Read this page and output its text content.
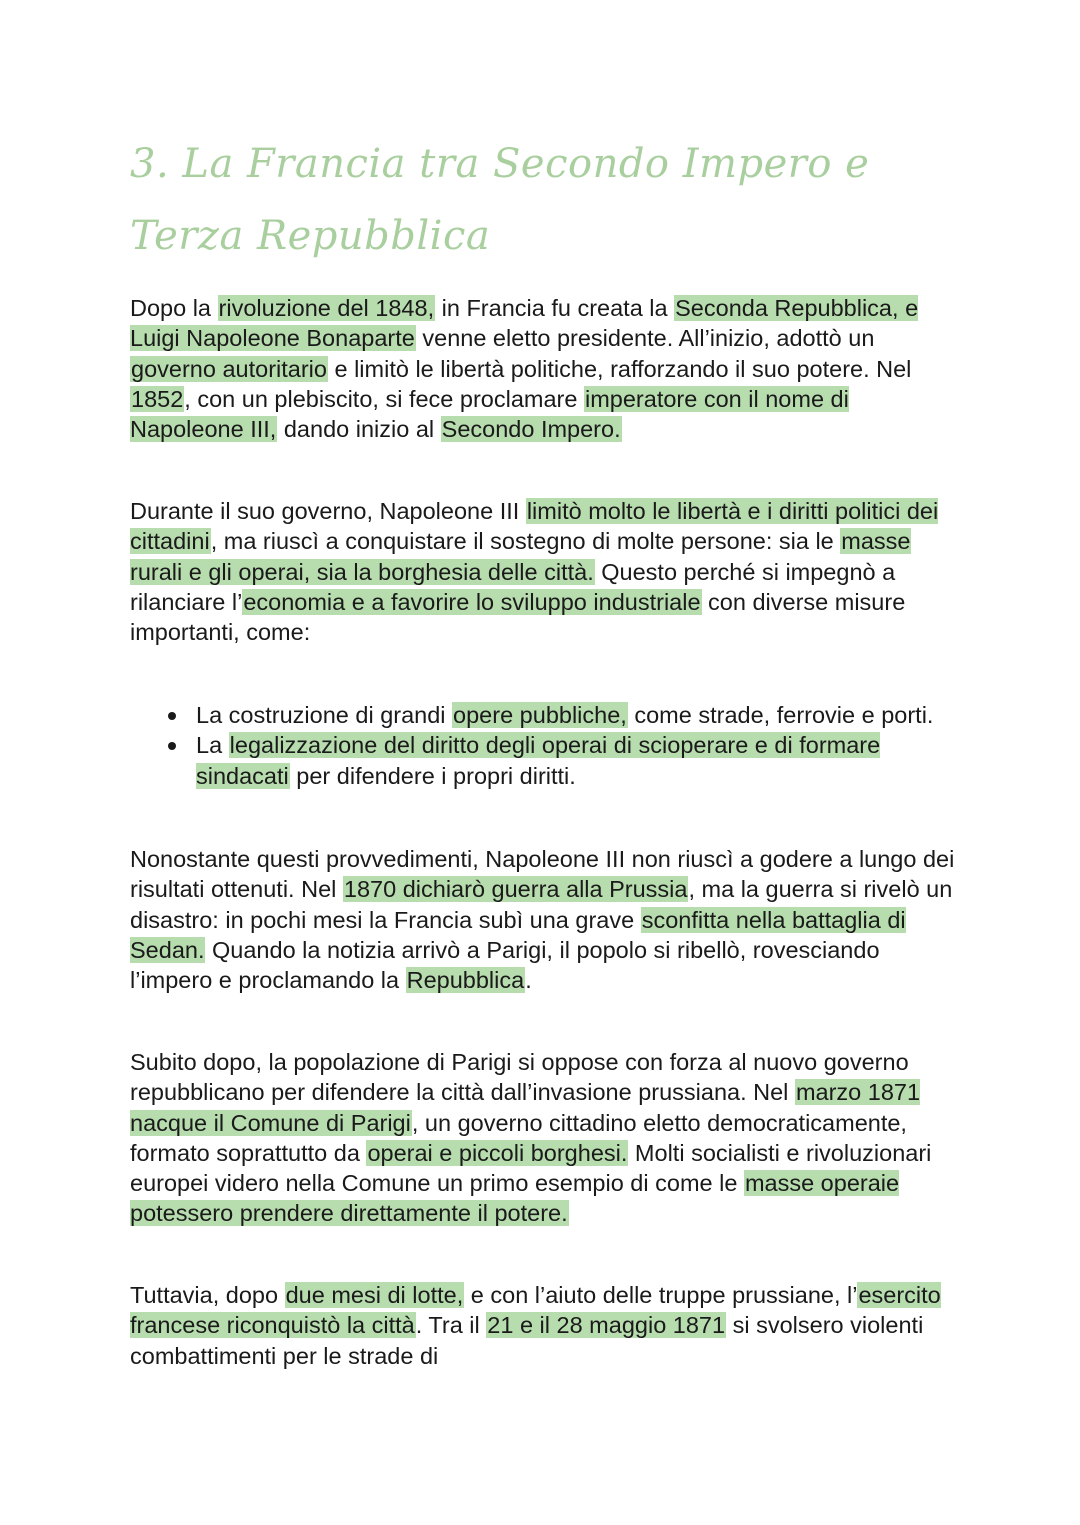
3. La Francia tra Secondo Impero e Terza Repubblica

Dopo la rivoluzione del 1848, in Francia fu creata la Seconda Repubblica, e Luigi Napoleone Bonaparte venne eletto presidente. All’inizio, adottò un governo autoritario e limitò le libertà politiche, rafforzando il suo potere. Nel 1852, con un plebiscito, si fece proclamare imperatore con il nome di Napoleone III, dando inizio al Secondo Impero.

Durante il suo governo, Napoleone III limitò molto le libertà e i diritti politici dei cittadini, ma riuscì a conquistare il sostegno di molte persone: sia le masse rurali e gli operai, sia la borghesia delle città. Questo perché si impegnò a rilanciare l’economia e a favorire lo sviluppo industriale con diverse misure importanti, come:

La costruzione di grandi opere pubbliche, come strade, ferrovie e porti.
La legalizzazione del diritto degli operai di scioperare e di formare sindacati per difendere i propri diritti.

Nonostante questi provvedimenti, Napoleone III non riuscì a godere a lungo dei risultati ottenuti. Nel 1870 dichiarò guerra alla Prussia, ma la guerra si rivelò un disastro: in pochi mesi la Francia subì una grave sconfitta nella battaglia di Sedan. Quando la notizia arrivò a Parigi, il popolo si ribellò, rovesciando l’impero e proclamando la Repubblica.

Subito dopo, la popolazione di Parigi si oppose con forza al nuovo governo repubblicano per difendere la città dall’invasione prussiana. Nel marzo 1871 nacque il Comune di Parigi, un governo cittadino eletto democraticamente, formato soprattutto da operai e piccoli borghesi. Molti socialisti e rivoluzionari europei videro nella Comune un primo esempio di come le masse operaie potessero prendere direttamente il potere.

Tuttavia, dopo due mesi di lotte, e con l’aiuto delle truppe prussiane, l’esercito francese riconquistò la città. Tra il 21 e il 28 maggio 1871 si svolsero violenti combattimenti per le strade di
